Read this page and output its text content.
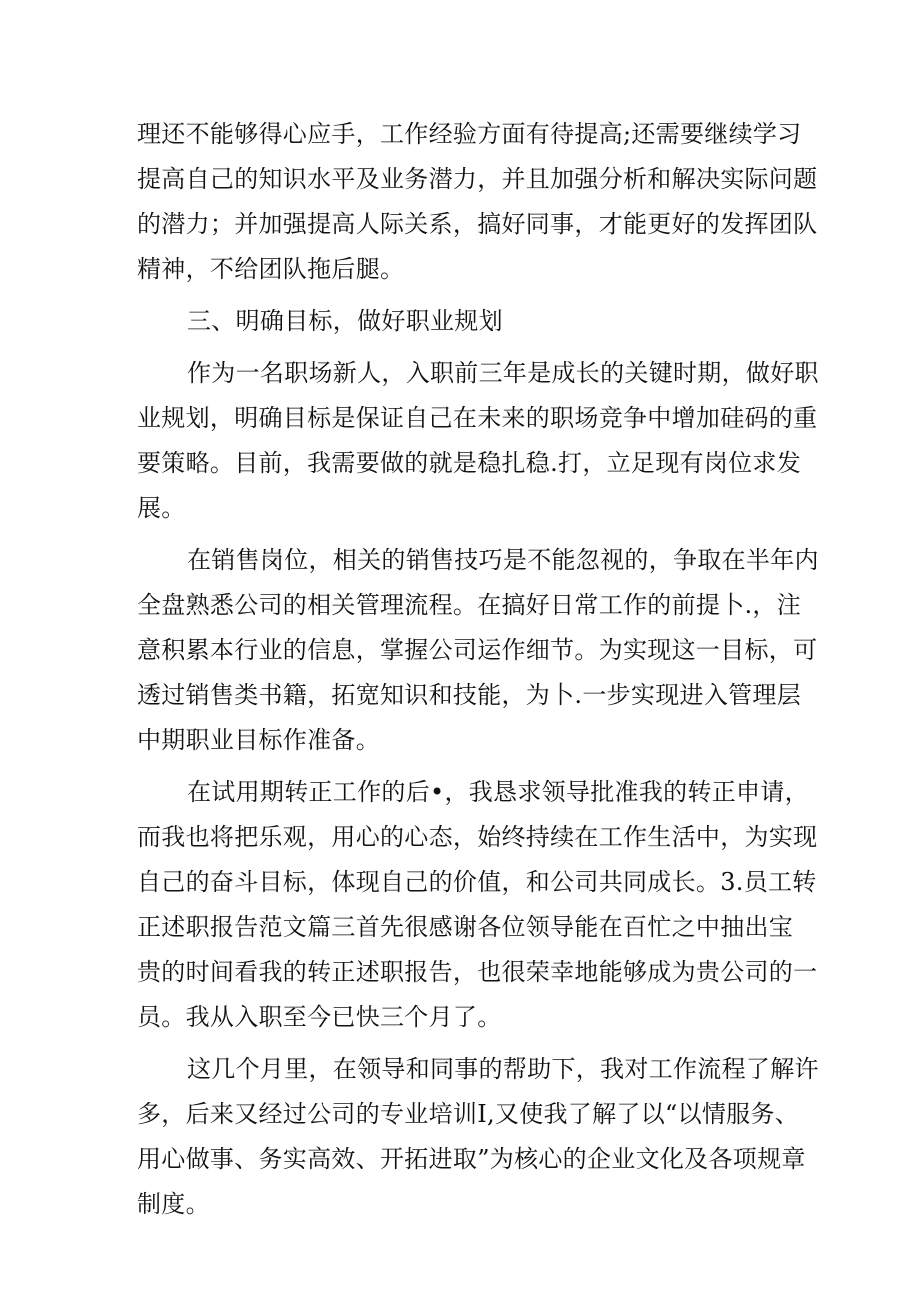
理还不能够得心应手，工作经验方面有待提高;还需要继续学习
提高自己的知识水平及业务潜力，并且加强分析和解决实际问题
的潜力；并加强提高人际关系，搞好同事，才能更好的发挥团队
精神，不给团队拖后腿。
三、明确目标，做好职业规划
作为一名职场新人，入职前三年是成长的关键时期，做好职
业规划，明确目标是保证自己在未来的职场竞争中增加硅码的重
要策略。目前，我需要做的就是稳扎稳.打，立足现有岗位求发
展。
在销售岗位，相关的销售技巧是不能忽视的，争取在半年内
全盘熟悉公司的相关管理流程。在搞好日常工作的前提卜.，注
意积累本行业的信息，掌握公司运作细节。为实现这一目标，可
透过销售类书籍，拓宽知识和技能，为卜.一步实现进入管理层
中期职业目标作准备。
在试用期转正工作的后•，我恳求领导批准我的转正申请，
而我也将把乐观，用心的心态，始终持续在工作生活中，为实现
自己的奋斗目标，体现自己的价值，和公司共同成长。3.员工转
正述职报告范文篇三首先很感谢各位领导能在百忙之中抽出宝
贵的时间看我的转正述职报告，也很荣幸地能够成为贵公司的一
员。我从入职至今已快三个月了。
这几个月里，在领导和同事的帮助下，我对工作流程了解许
多，后来又经过公司的专业培训I,又使我了解了以“以情服务、
用心做事、务实高效、开拓进取”为核心的企业文化及各项规章
制度。
